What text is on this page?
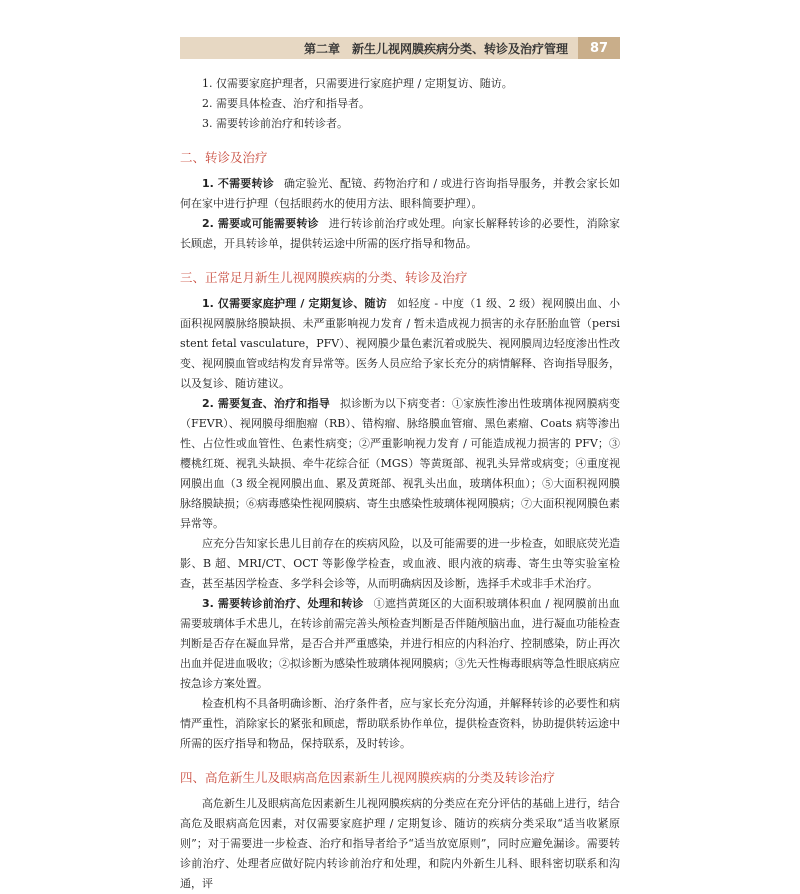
第二章　新生儿视网膜疾病分类、转诊及治疗管理	87
1. 仅需要家庭护理者，只需要进行家庭护理 / 定期复访、随访。
2. 需要具体检查、治疗和指导者。
3. 需要转诊前治疗和转诊者。
二、转诊及治疗

1. 不需要转诊 确定验光、配镜、药物治疗和 / 或进行咨询指导服务，并教会家长如何在家中进行护理（包括眼药水的使用方法、眼科简要护理）。

2. 需要或可能需要转诊 进行转诊前治疗或处理。向家长解释转诊的必要性，消除家长顾虑，开具转诊单，提供转运途中所需的医疗指导和物品。

三、正常足月新生儿视网膜疾病的分类、转诊及治疗

1. 仅需要家庭护理 / 定期复诊、随访 如轻度 - 中度（1 级、2 级）视网膜出血、小面积视网膜脉络膜缺损、未严重影响视力发育 / 暂未造成视力损害的永存胚胎血管（persistent fetal vasculature，PFV）、视网膜少量色素沉着或脱失、视网膜周边轻度渗出性改变、视网膜血管或结构发育异常等。医务人员应给予家长充分的病情解释、咨询指导服务，以及复诊、随访建议。

2. 需要复查、治疗和指导 拟诊断为以下病变者：①家族性渗出性玻璃体视网膜病变（FEVR）、视网膜母细胞瘤（RB）、错构瘤、脉络膜血管瘤、黑色素瘤、Coats 病等渗出性、占位性或血管性、色素性病变；②严重影响视力发育 / 可能造成视力损害的 PFV；③樱桃红斑、视乳头缺损、牵牛花综合征（MGS）等黄斑部、视乳头异常或病变；④重度视网膜出血（3 级全视网膜出血、累及黄斑部、视乳头出血，玻璃体积血）；⑤大面积视网膜脉络膜缺损；⑥病毒感染性视网膜病、寄生虫感染性玻璃体视网膜病；⑦大面积视网膜色素异常等。

应充分告知家长患儿目前存在的疾病风险，以及可能需要的进一步检查，如眼底荧光造影、B 超、MRI/CT、OCT 等影像学检查，或血液、眼内液的病毒、寄生虫等实验室检查，甚至基因学检查、多学科会诊等，从而明确病因及诊断，选择手术或非手术治疗。

3. 需要转诊前治疗、处理和转诊 ①遮挡黄斑区的大面积玻璃体积血 / 视网膜前出血需要玻璃体手术患儿，在转诊前需完善头颅检查判断是否伴随颅脑出血，进行凝血功能检查判断是否存在凝血异常，是否合并严重感染，并进行相应的内科治疗、控制感染，防止再次出血并促进血吸收；②拟诊断为感染性玻璃体视网膜病；③先天性梅毒眼病等急性眼底病应按急诊方案处置。

检查机构不具备明确诊断、治疗条件者，应与家长充分沟通，并解释转诊的必要性和病情严重性，消除家长的紧张和顾虑，帮助联系协作单位，提供检查资料，协助提供转运途中所需的医疗指导和物品，保持联系，及时转诊。

四、高危新生儿及眼病高危因素新生儿视网膜疾病的分类及转诊治疗

高危新生儿及眼病高危因素新生儿视网膜疾病的分类应在充分评估的基础上进行，结合高危及眼病高危因素，对仅需要家庭护理 / 定期复诊、随访的疾病分类采取“适当收紧原则”；对于需要进一步检查、治疗和指导者给予“适当放宽原则”，同时应避免漏诊。需要转诊前治疗、处理者应做好院内转诊前治疗和处理，和院内外新生儿科、眼科密切联系和沟通，评
